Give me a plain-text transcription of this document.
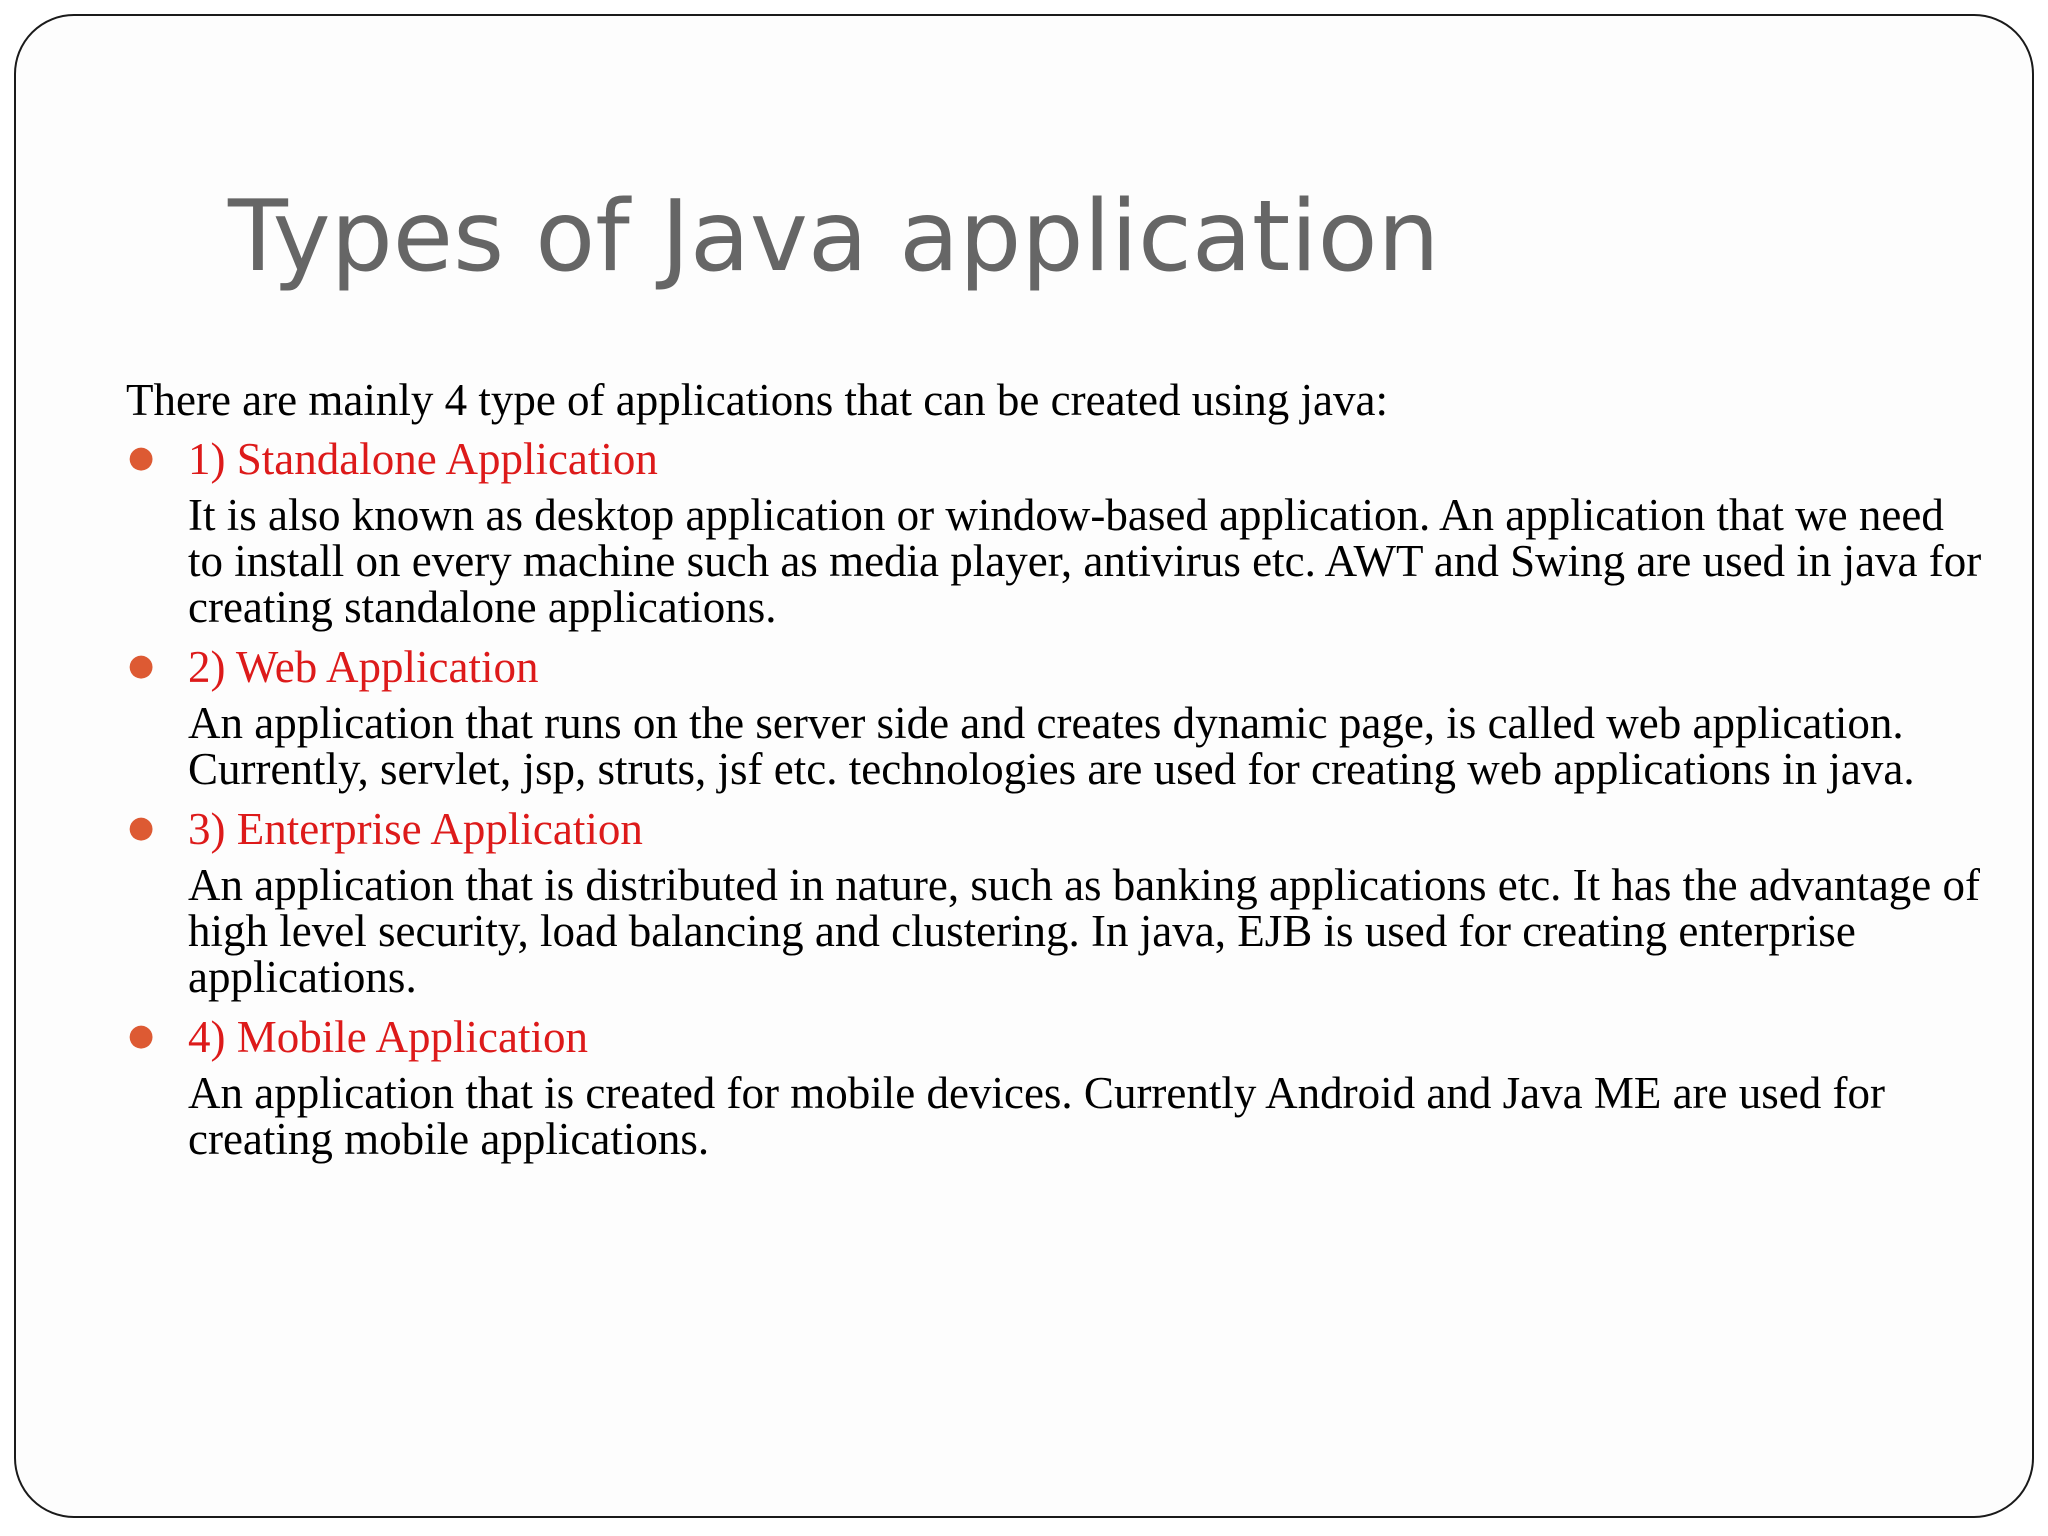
Types of Java application

There are mainly 4 type of applications that can be created using java:

● 1) Standalone Application

It is also known as desktop application or window-based application. An application that we need to install on every machine such as media player, antivirus etc. AWT and Swing are used in java for creating standalone applications.

● 2) Web Application

An application that runs on the server side and creates dynamic page, is called web application. Currently, servlet, jsp, struts, jsf etc. technologies are used for creating web applications in java.

● 3) Enterprise Application

An application that is distributed in nature, such as banking applications etc. It has the advantage of high level security, load balancing and clustering. In java, EJB is used for creating enterprise applications.

● 4) Mobile Application

An application that is created for mobile devices. Currently Android and Java ME are used for creating mobile applications.
